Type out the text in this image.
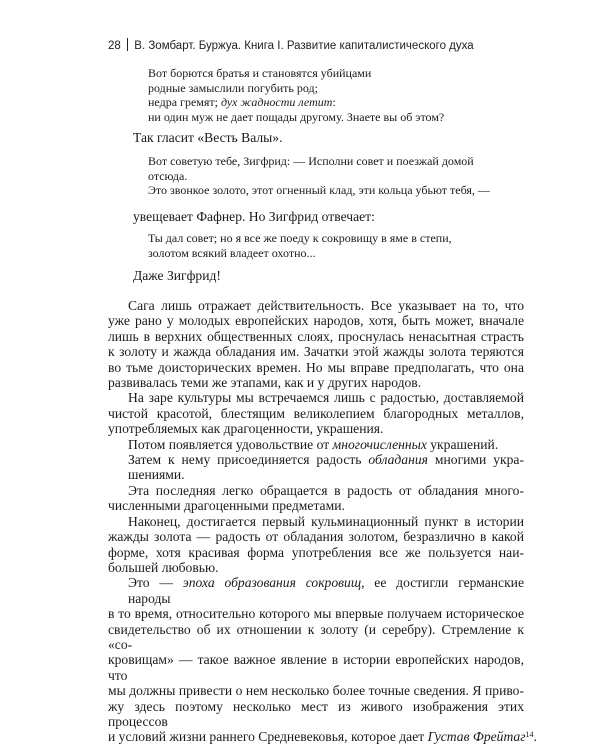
28 В. Зомбарт. Буржуа. Книга I. Развитие капиталистического духа
Вот борются братья и становятся убийцами
родные замыслили погубить род;
недра гремят; дух жадности летит:
ни один муж не дает пощады другому. Знаете вы об этом?
Так гласит «Весть Валы».
Вот советую тебе, Зигфрид: — Исполни совет и поезжай домой
отсюда.
Это звонкое золото, этот огненный клад, эти кольца убьют тебя, —
увещевает Фафнер. Но Зигфрид отвечает:
Ты дал совет; но я все же поеду к сокровищу в яме в степи,
золотом всякий владеет охотно...
Даже Зигфрид!

Сага лишь отражает действительность. Все указывает на то, что
уже рано у молодых европейских народов, хотя, быть может, вначале
лишь в верхних общественных слоях, проснулась ненасытная страсть
к золоту и жажда обладания им. Зачатки этой жажды золота теряются
во тьме доисторических времен. Но мы вправе предполагать, что она
развивалась теми же этапами, как и у других народов.

На заре культуры мы встречаемся лишь с радостью, доставляемой
чистой красотой, блестящим великолепием благородных металлов,
употребляемых как драгоценности, украшения.

Потом появляется удовольствие от многочисленных украшений.

Затем к нему присоединяется радость обладания многими укра-шениями.

Эта последняя легко обращается в радость от обладания много-
численными драгоценными предметами.

Наконец, достигается первый кульминационный пункт в истории
жажды золота — радость от обладания золотом, безразлично в какой
форме, хотя красивая форма употребления все же пользуется наи-
большей любовью.

Это — эпоха образования сокровищ, ее достигли германские народы
в то время, относительно которого мы впервые получаем историческое
свидетельство об их отношении к золоту (и серебру). Стремление к «со-
кровищам» — такое важное явление в истории европейских народов, что
мы должны привести о нем несколько более точные сведения. Я приво-
жу здесь поэтому несколько мест из живого изображения этих процессов
и условий жизни раннего Средневековья, которое дает Густав Фрейтаг$^{14}$.
